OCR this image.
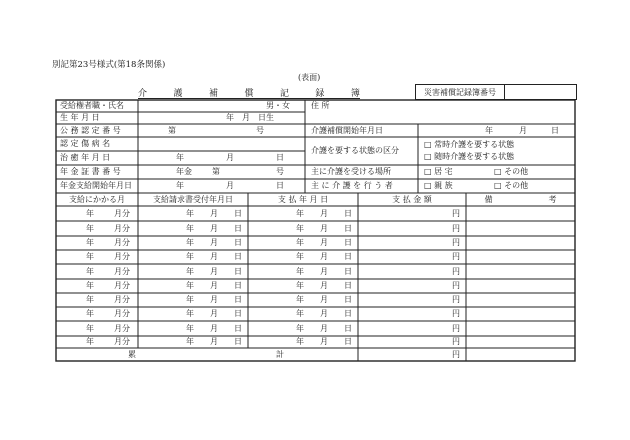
別記第23号様式(第18条関係)
(表面)
介	護	補	償	記	録	簿	災害補償記録簿番号
受給権者職・氏名	男・女	住 所
生 年 月 日	年　月　日生
公 務 認 定 番 号	第	号	介護補償開始年月日	年	月	日
認 定 傷 病 名
介護を要する状態の区分
□ 常時介護を要する状態
□ 随時介護を要する状態
治 癒 年 月 日	年	月	日
年 金 証 書 番 号	年金	第	号	主に介護を受ける場所	□ 居 宅	□ その他
年金支給開始年月日	年	月	日	主 に 介 護 を 行 う 者	□ 親 族	□ その他
支給にかかる月	支給請求書受付年月日	支 払 年 月 日	支 払 金 額	備　　　　　　　考
年	月分	年 月 日	年 月 日	円
年	月分	年 月 日	年 月 日	円
年	月分	年 月 日	年 月 日	円
年	月分	年 月 日	年 月 日	円
年	月分	年 月 日	年 月 日	円
年	月分	年 月 日	年 月 日	円
年	月分	年 月 日	年 月 日	円
年	月分	年 月 日	年 月 日	円
年	月分	年 月 日	年 月 日	円
年	月分	年 月 日	年 月 日	円
累	計	円
